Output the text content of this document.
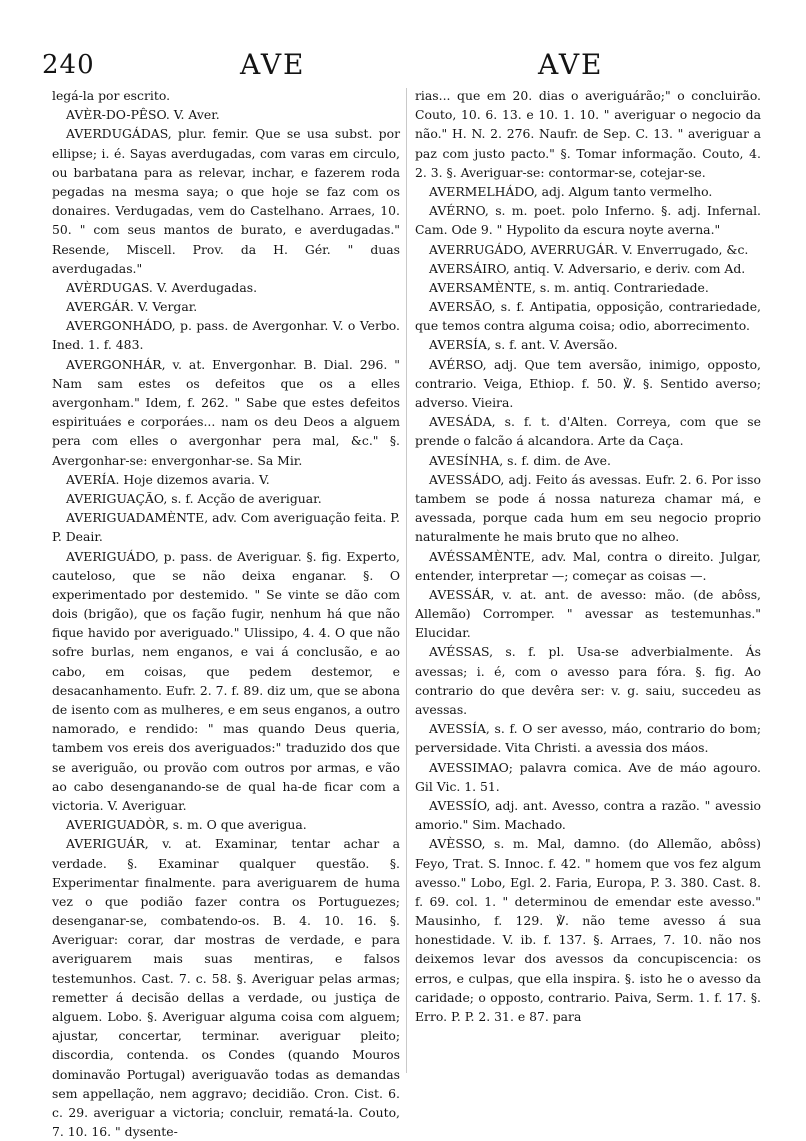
240	AVE	AVE

legá-la por escrito.

AVÈR-DO-PÊSO. V. Aver.

AVERDUGÁDAS, plur. femir. Que se usa subst. por ellipse; i. é. Sayas averdugadas, com varas em circulo, ou barbatana para as relevar, inchar, e fazerem roda pegadas na mesma saya; o que hoje se faz com os donaires. Verdugadas, vem do Castelhano. Arraes, 10. 50. " com seus mantos de burato, e averdugadas." Resende, Miscell. Prov. da H. Gér. " duas averdugadas."

AVÈRDUGAS. V. Averdugadas.

AVERGÁR. V. Vergar.

AVERGONHÁDO, p. pass. de Avergonhar. V. o Verbo. Ined. 1. f. 483.

AVERGONHÁR, v. at. Envergonhar. B. Dial. 296. " Nam sam estes os defeitos que os a elles avergonham." Idem, f. 262. " Sabe que estes defeitos espirituáes e corporáes... nam os deu Deos a alguem pera com elles o avergonhar pera mal, &c." §. Avergonhar-se: envergonhar-se. Sa Mir.

AVERÍA. Hoje dizemos avaria. V.

AVERIGUAÇÃO, s. f. Acção de averiguar.

AVERIGUADAMÈNTE, adv. Com averiguação feita. P. P. Deair.

AVERIGUÁDO, p. pass. de Averiguar. §. fig. Experto, cauteloso, que se não deixa enganar. §. O experimentado por destemido. " Se vinte se dão com dois (brigão), que os fação fugir, nenhum há que não fique havido por averiguado." Ulissipo, 4. 4. O que não sofre burlas, nem enganos, e vai á conclusão, e ao cabo, em coisas, que pedem destemor, e desacanhamento. Eufr. 2. 7. f. 89. diz um, que se abona de isento com as mulheres, e em seus enganos, a outro namorado, e rendido: " mas quando Deus queria, tambem vos ereis dos averiguados:" traduzido dos que se averiguão, ou provão com outros por armas, e vão ao cabo desenganando-se de qual ha-de ficar com a victoria. V. Averiguar.

AVERIGUADÒR, s. m. O que averigua.

AVERIGUÁR, v. at. Examinar, tentar achar a verdade. §. Examinar qualquer questão. §. Experimentar finalmente. para averiguarem de huma vez o que podião fazer contra os Portuguezes; desenganar-se, combatendo-os. B. 4. 10. 16. §. Averiguar: corar, dar mostras de verdade, e para averiguarem mais suas mentiras, e falsos testemunhos. Cast. 7. c. 58. §. Averiguar pelas armas; remetter á decisão dellas a verdade, ou justiça de alguem. Lobo. §. Averiguar alguma coisa com alguem; ajustar, concertar, terminar. averiguar pleito; discordia, contenda. os Condes (quando Mouros dominavão Portugal) averiguavão todas as demandas sem appellação, nem aggravo; decidião. Cron. Cist. 6. c. 29. averiguar a victoria; concluir, rematá-la. Couto, 7. 10. 16. " dysente-

rias... que em 20. dias o averiguárão;" o concluirão. Couto, 10. 6. 13. e 10. 1. 10. " averiguar o negocio da não." H. N. 2. 276. Naufr. de Sep. C. 13. " averiguar a paz com justo pacto." §. Tomar informação. Couto, 4. 2. 3. §. Averiguar-se: contormar-se, cotejar-se.

AVERMELHÁDO, adj. Algum tanto vermelho.

AVÉRNO, s. m. poet. polo Inferno. §. adj. Infernal. Cam. Ode 9. " Hypolito da escura noyte averna."

AVERRUGÁDO, AVERRUGÁR. V. Enverrugado, &c.

AVERSÁIRO, antiq. V. Adversario, e deriv. com Ad.

AVERSAMÈNTE, s. m. antiq. Contrariedade.

AVERSÃO, s. f. Antipatia, opposição, contrariedade, que temos contra alguma coisa; odio, aborrecimento.

AVERSÍA, s. f. ant. V. Aversão.

AVÉRSO, adj. Que tem aversão, inimigo, opposto, contrario. Veiga, Ethiop. f. 50. ℣. §. Sentido averso; adverso. Vieira.

AVESÁDA, s. f. t. d'Alten. Correya, com que se prende o falcão á alcandora. Arte da Caça.

AVESÍNHA, s. f. dim. de Ave.

AVESSÁDO, adj. Feito ás avessas. Eufr. 2. 6. Por isso tambem se pode á nossa natureza chamar má, e avessada, porque cada hum em seu negocio proprio naturalmente he mais bruto que no alheo.

AVÉSSAMÈNTE, adv. Mal, contra o direito. Julgar, entender, interpretar —; começar as coisas —.

AVESSÁR, v. at. ant. de avesso: mão. (de abôss, Allemão) Corromper. " avessar as testemunhas." Elucidar.

AVÉSSAS, s. f. pl. Usa-se adverbialmente. Ás avessas; i. é, com o avesso para fóra. §. fig. Ao contrario do que devêra ser: v. g. saiu, succedeu as avessas.

AVESSÍA, s. f. O ser avesso, máo, contrario do bom; perversidade. Vita Christi. a avessia dos máos.

AVESSIMAO; palavra comica. Ave de máo agouro. Gil Vic. 1. 51.

AVESSÍO, adj. ant. Avesso, contra a razão. " avessio amorio." Sim. Machado.

AVÈSSO, s. m. Mal, damno. (do Allemão, abôss) Feyo, Trat. S. Innoc. f. 42. " homem que vos fez algum avesso." Lobo, Egl. 2. Faria, Europa, P. 3. 380. Cast. 8. f. 69. col. 1. " determinou de emendar este avesso." Mausinho, f. 129. ℣. não teme avesso á sua honestidade. V. ib. f. 137. §. Arraes, 7. 10. não nos deixemos levar dos avessos da concupiscencia: os erros, e culpas, que ella inspira. §. isto he o avesso da caridade; o opposto, contrario. Paiva, Serm. 1. f. 17. §. Erro. P. P. 2. 31. e 87. para
